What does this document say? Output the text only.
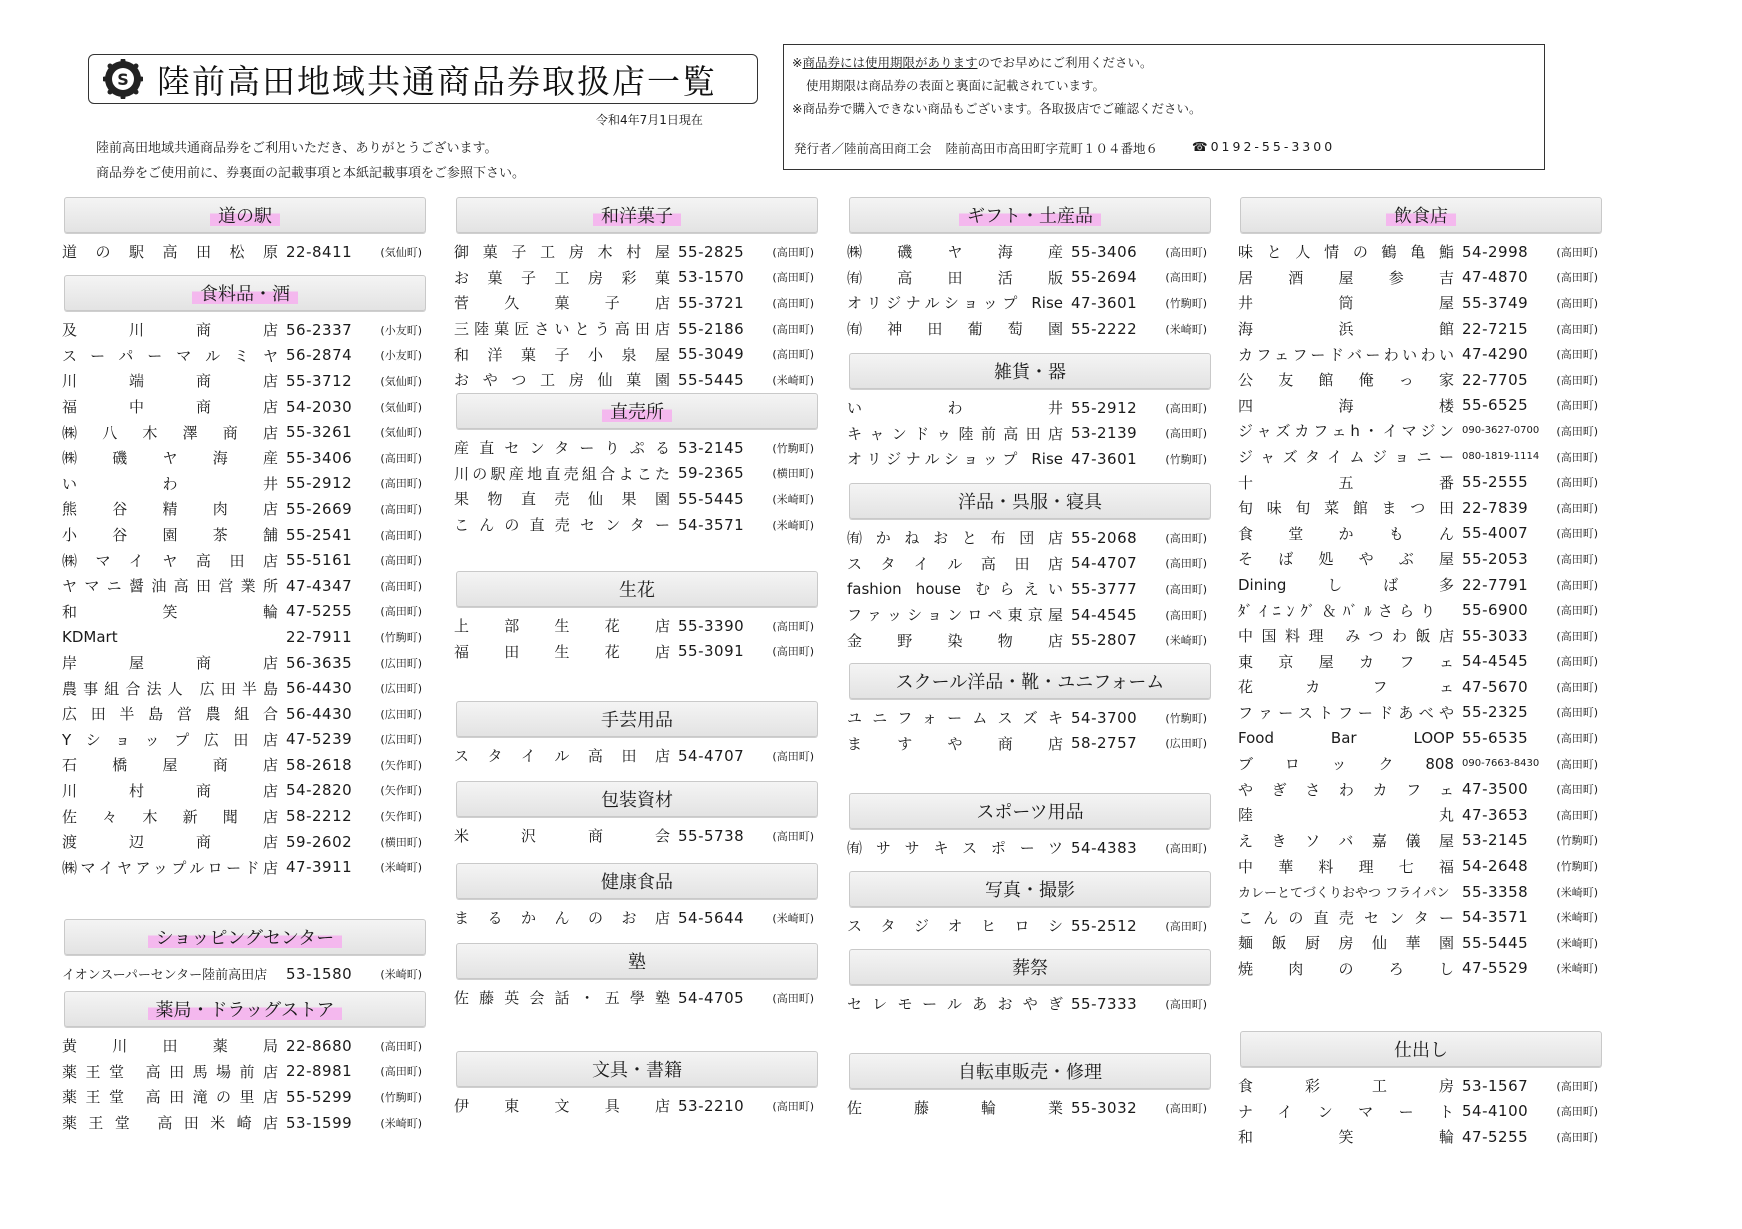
S 陸前高田地域共通商品券取扱店一覧
令和4年7月1日現在
陸前高田地域共通商品券をご利用いただき、ありがとうございます。
商品券をご使用前に、券裏面の記載事項と本紙記載事項をご参照下さい。
※商品券には使用期限がありますのでお早めにご利用ください。
使用期限は商品券の表面と裏面に記載されています。
※商品券で購入できない商品もございます。各取扱店でご確認ください。
発行者／陸前高田商工会 陸前高田市高田町字荒町１０４番地６	☎0192-55-3300
道の駅
道の駅高田松原 22-8411	(気仙町)
食料品・酒
及川商店 56-2337	(小友町)
スーパーマルミヤ 56-2874	(小友町)
川端商店 55-3712	(気仙町)
福中商店 54-2030	(気仙町)
㈱八木澤商店 55-3261	(気仙町)
㈱磯ヤ海産 55-3406	(高田町)
いわ井 55-2912	(高田町)
熊谷精肉店 55-2669	(高田町)
小谷園茶舗 55-2541	(高田町)
㈱マイヤ高田店 55-5161	(高田町)
ヤマニ醤油高田営業所 47-4347	(高田町)
和笑輪 47-5255	(高田町)
KDMart	22-7911	(竹駒町)
岸屋商店 56-3635	(広田町)
農事組合法人 広田半島 56-4430	(広田町)
広田半島営農組合 56-4430	(広田町)
Yショップ広田店 47-5239	(広田町)
石橋屋商店 58-2618	(矢作町)
川村商店 54-2820	(矢作町)
佐々木新聞店 58-2212	(矢作町)
渡辺商店 59-2602	(横田町)
㈱マイヤアップルロード店 47-3911	(米崎町)
ショッピングセンター
イオンスーパーセンター陸前高田店	53-1580	(米崎町)
薬局・ドラッグストア
黄川田薬局 22-8680	(高田町)
薬王堂 高田馬場前店 22-8981	(高田町)
薬王堂 高田滝の里店 55-5299	(竹駒町)
薬王堂 高田米崎店 53-1599	(米崎町)
和洋菓子
御菓子工房木村屋 55-2825	(高田町)
お菓子工房彩菓 53-1570	(高田町)
菅久菓子店 55-3721	(高田町)
三陸菓匠さいとう高田店 55-2186	(高田町)
和洋菓子小泉屋 55-3049	(高田町)
おやつ工房仙菓園 55-5445	(米崎町)
直売所
産直センターりぷる 53-2145	(竹駒町)
川の駅産地直売組合よこた 59-2365	(横田町)
果物直売仙果園 55-5445	(米崎町)
こんの直売センター 54-3571	(米崎町)
生花
上部生花店 55-3390	(高田町)
福田生花店 55-3091	(高田町)
手芸用品
スタイル高田店 54-4707	(高田町)
包装資材
米沢商会 55-5738	(高田町)
健康食品
まるかんのお店 54-5644	(米崎町)
塾
佐藤英会話・五學塾 54-4705	(高田町)
文具・書籍
伊東文具店 53-2210	(高田町)
ギフト・土産品
㈱磯ヤ海産 55-3406	(高田町)
㈲高田活版 55-2694	(高田町)
オリジナルショップ Rise 47-3601	(竹駒町)
㈲神田葡萄園 55-2222	(米崎町)
雑貨・器
いわ井 55-2912	(高田町)
キャンドゥ陸前高田店 53-2139	(高田町)
オリジナルショップ Rise 47-3601	(竹駒町)
洋品・呉服・寝具
㈲かねおと布団店 55-2068	(高田町)
スタイル高田店 54-4707	(高田町)
fashion house むらえい 55-3777	(高田町)
ファッションロペ東京屋 54-4545	(高田町)
金野染物店 55-2807	(米崎町)
スクール洋品・靴・ユニフォーム
ユニフォームスズキ 54-3700	(竹駒町)
ますや商店 58-2757	(広田町)
スポーツ用品
㈲ササキスポーツ 54-4383	(高田町)
写真・撮影
スタジオヒロシ 55-2512	(高田町)
葬祭
セレモールあおやぎ 55-7333	(高田町)
自転車販売・修理
佐藤輪業 55-3032	(高田町)
飲食店
味と人情の鶴亀鮨 54-2998	(高田町)
居酒屋参吉 47-4870	(高田町)
井筒屋 55-3749	(高田町)
海浜館 22-7215	(高田町)
カフェフードバーわいわい 47-4290	(高田町)
公友館俺っ家 22-7705	(高田町)
四海楼 55-6525	(高田町)
ジャズカフェh・イマジン 090-3627-0700	(高田町)
ジャズタイムジョニー 080-1819-1114	(高田町)
十五番 55-2555	(高田町)
旬味旬菜館まつ田 22-7839	(高田町)
食堂かもん 55-4007	(高田町)
そば処やぶ屋 55-2053	(高田町)
Diningしば多 22-7791	(高田町)
ﾀﾞｲﾆﾝｸﾞ＆ﾊﾞﾙさらり	55-6900	(高田町)
中国料理 みつわ飯店 55-3033	(高田町)
東京屋カフェ 54-4545	(高田町)
花カフェ 47-5670	(高田町)
ファーストフードあべや 55-2325	(高田町)
Food Bar LOOP 55-6535	(高田町)
ブロック808 090-7663-8430	(高田町)
やぎさわカフェ 47-3500	(高田町)
陸丸 47-3653	(高田町)
えきソバ嘉儀屋 53-2145	(竹駒町)
中華料理七福 54-2648	(竹駒町)
カレーとてづくりおやつ フライパン 55-3358	(米崎町)
こんの直売センター 54-3571	(米崎町)
麺飯厨房仙華園 55-5445	(米崎町)
焼肉のろし 47-5529	(米崎町)
仕出し
食彩工房 53-1567	(高田町)
ナインマート 54-4100	(高田町)
和笑輪 47-5255	(高田町)
